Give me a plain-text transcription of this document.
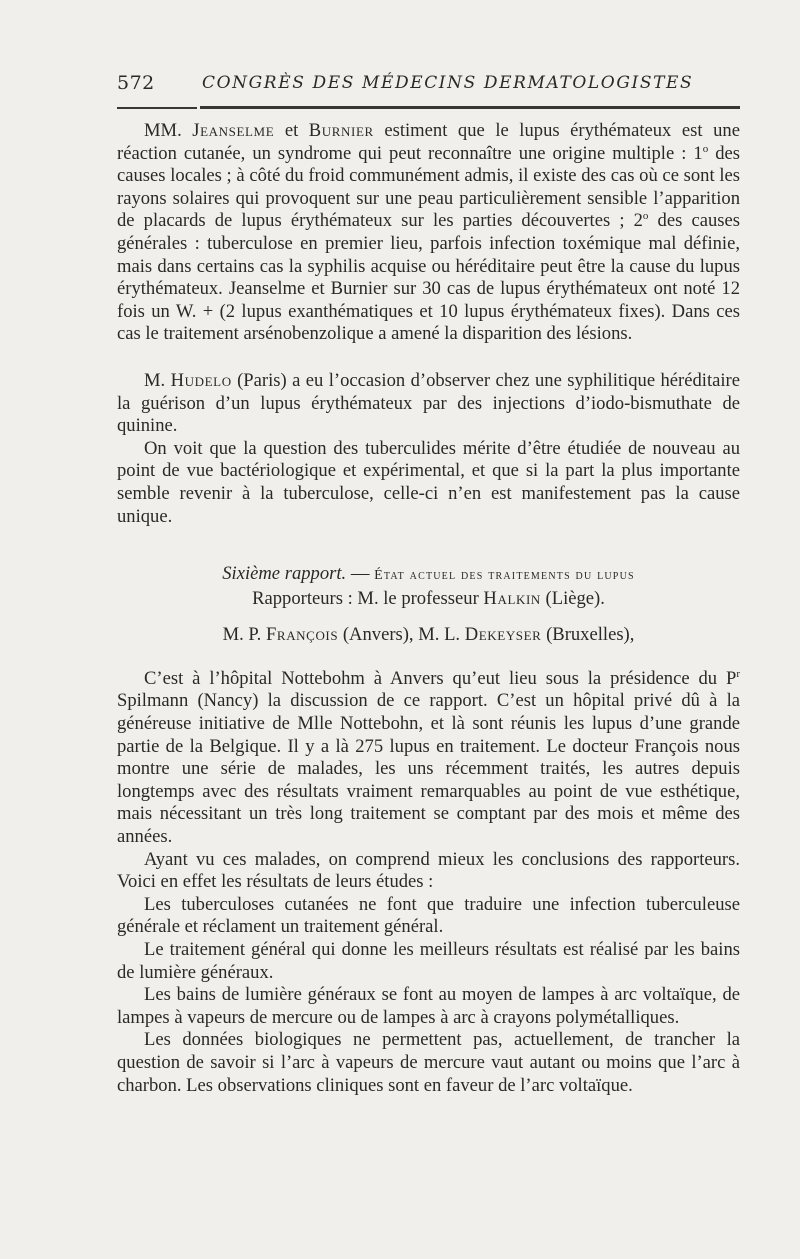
572	CONGRÈS DES MÉDECINS DERMATOLOGISTES

MM. Jeanselme et Burnier estiment que le lupus érythémateux est une réaction cutanée, un syndrome qui peut reconnaître une origine multiple : 1$^o$ des causes locales ; à côté du froid communément admis, il existe des cas où ce sont les rayons solaires qui provoquent sur une peau particulièrement sensible l’apparition de placards de lupus érythémateux sur les parties découvertes ; 2$^o$ des causes générales : tuberculose en premier lieu, parfois infection toxémique mal définie, mais dans certains cas la syphilis acquise ou héréditaire peut être la cause du lupus érythémateux. Jeanselme et Burnier sur 30 cas de lupus érythémateux ont noté 12 fois un W. + (2 lupus exanthématiques et 10 lupus érythémateux fixes). Dans ces cas le traitement arsénobenzolique a amené la disparition des lésions.

M. Hudelo (Paris) a eu l’occasion d’observer chez une syphilitique héréditaire la guérison d’un lupus érythémateux par des injections d’iodo-bismuthate de quinine.

On voit que la question des tuberculides mérite d’être étudiée de nouveau au point de vue bactériologique et expérimental, et que si la part la plus importante semble revenir à la tuberculose, celle-ci n’en est manifestement pas la cause unique.

Sixième rapport. — État actuel des traitements du lupus

Rapporteurs : M. le professeur Halkin (Liège).

M. P. François (Anvers), M. L. Dekeyser (Bruxelles),

C’est à l’hôpital Nottebohm à Anvers qu’eut lieu sous la présidence du $P^r$ Spilmann (Nancy) la discussion de ce rapport. C’est un hôpital privé dû à la généreuse initiative de Mlle Nottebohn, et là sont réunis les lupus d’une grande partie de la Belgique. Il y a là 275 lupus en traitement. Le docteur François nous montre une série de malades, les uns récemment traités, les autres depuis longtemps avec des résultats vraiment remarquables au point de vue esthétique, mais nécessitant un très long traitement se comptant par des mois et même des années.

Ayant vu ces malades, on comprend mieux les conclusions des rapporteurs. Voici en effet les résultats de leurs études :

Les tuberculoses cutanées ne font que traduire une infection tuberculeuse générale et réclament un traitement général.

Le traitement général qui donne les meilleurs résultats est réalisé par les bains de lumière généraux.

Les bains de lumière généraux se font au moyen de lampes à arc voltaïque, de lampes à vapeurs de mercure ou de lampes à arc à crayons polymétalliques.

Les données biologiques ne permettent pas, actuellement, de trancher la question de savoir si l’arc à vapeurs de mercure vaut autant ou moins que l’arc à charbon. Les observations cliniques sont en faveur de l’arc voltaïque.
